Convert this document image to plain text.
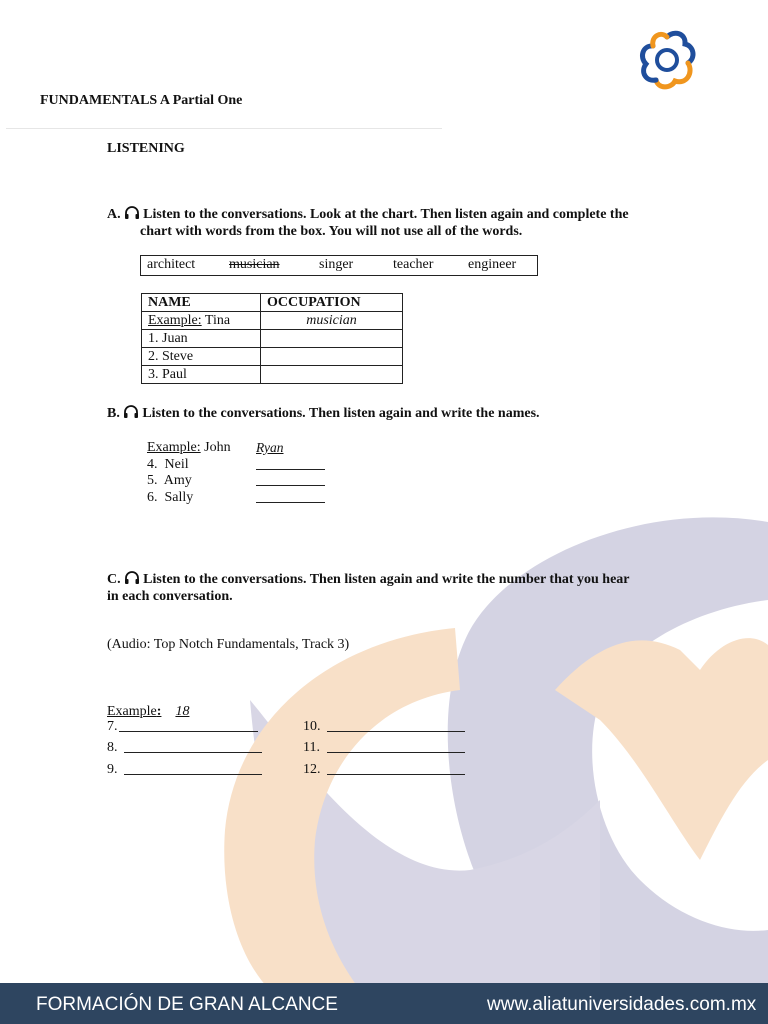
FUNDAMENTALS A Partial One
LISTENING
A. Listen to the conversations. Look at the chart. Then listen again and complete the
chart with words from the box. You will not use all of the words.
architect musician	singer	teacher engineer
NAME	OCCUPATION
Example: Tina	musician
1. Juan	
2. Steve	
3. Paul	
B. Listen to the conversations. Then listen again and write the names.
Example: John Ryan
4.  Neil
5.  Amy
6.  Sally
C. Listen to the conversations. Then listen again and write the number that you hear
in each conversation.
(Audio: Top Notch Fundamentals, Track 3)
Example: 18
7.
8.
9.
10.
11.
12.
FORMACIÓN DE GRAN ALCANCE	www.aliatuniversidades.com.mx
